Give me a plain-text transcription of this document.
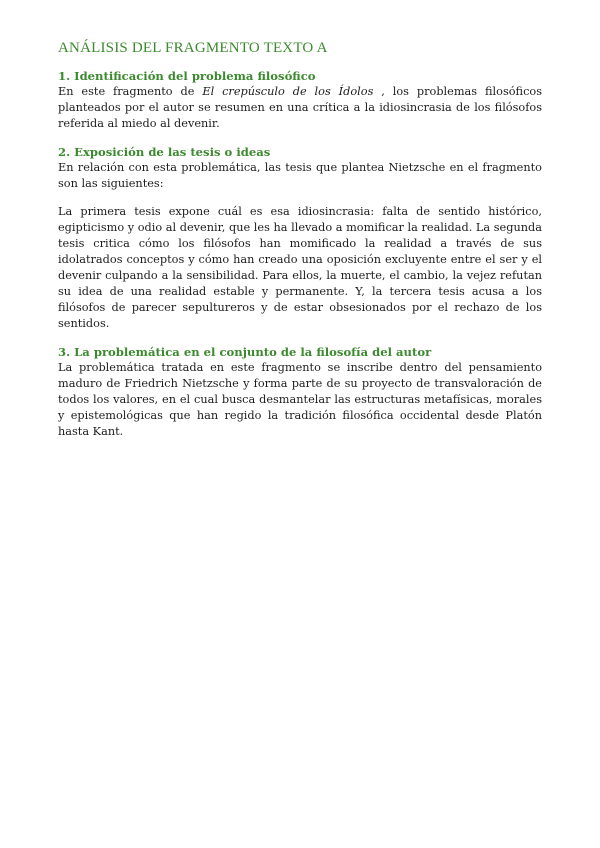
ANÁLISIS DEL FRAGMENTO TEXTO A
1. Identificación del problema filosófico

En este fragmento de El crepúsculo de los Ídolos , los problemas filosóficos planteados por el autor se resumen en una crítica a la idiosincrasia de los filósofos referida al miedo al devenir.

2. Exposición de las tesis o ideas

En relación con esta problemática, las tesis que plantea Nietzsche en el fragmento son las siguientes:

La primera tesis expone cuál es esa idiosincrasia: falta de sentido histórico, egipticismo y odio al devenir, que les ha llevado a momificar la realidad. La segunda tesis critica cómo los filósofos han momificado la realidad a través de sus idolatrados conceptos y cómo han creado una oposición excluyente entre el ser y el devenir culpando a la sensibilidad. Para ellos, la muerte, el cambio, la vejez refutan su idea de una realidad estable y permanente. Y, la tercera tesis acusa a los filósofos de parecer sepultureros y de estar obsesionados por el rechazo de los sentidos.

3. La problemática en el conjunto de la filosofía del autor

La problemática tratada en este fragmento se inscribe dentro del pensamiento maduro de Friedrich Nietzsche y forma parte de su proyecto de transvaloración de todos los valores, en el cual busca desmantelar las estructuras metafísicas, morales y epistemológicas que han regido la tradición filosófica occidental desde Platón hasta Kant.
